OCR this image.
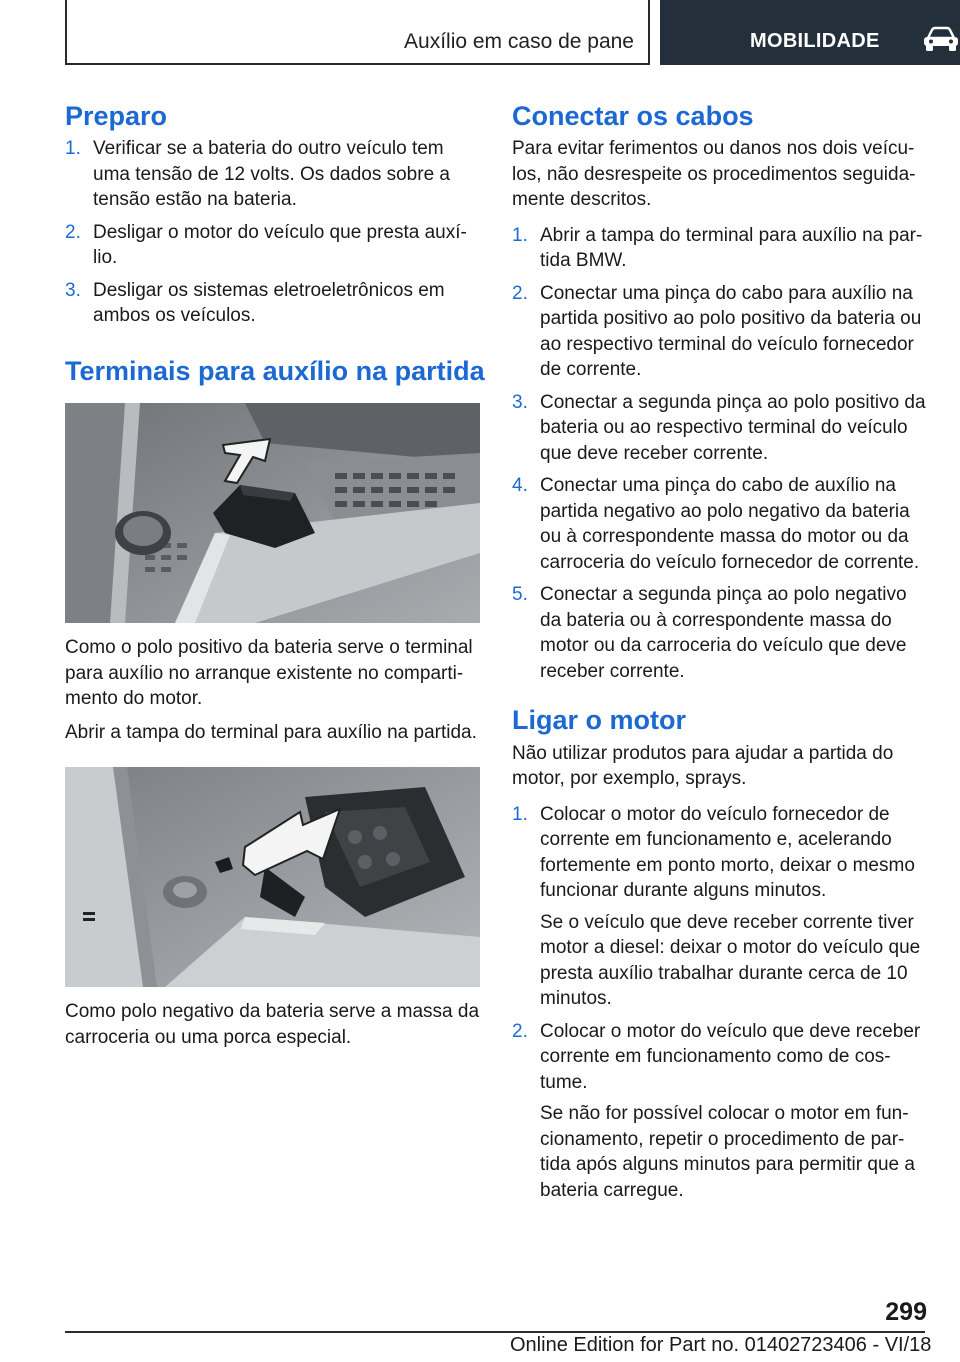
Auxílio em caso de pane	MOBILIDADE
Preparo
1. Verificar se a bateria do outro veículo tem uma tensão de 12 volts. Os dados sobre a tensão estão na bateria.
2. Desligar o motor do veículo que presta auxí‐ lio.
3. Desligar os sistemas eletroeletrônicos em ambos os veículos.
Terminais para auxílio na partida

Como o polo positivo da bateria serve o terminal para auxílio no arranque existente no comparti‐ mento do motor.

Abrir a tampa do terminal para auxílio na partida.

Como polo negativo da bateria serve a massa da carroceria ou uma porca especial.

Conectar os cabos

Para evitar ferimentos ou danos nos dois veícu‐ los, não desrespeite os procedimentos seguida‐ mente descritos.

1. Abrir a tampa do terminal para auxílio na par‐ tida BMW.
2. Conectar uma pinça do cabo para auxílio na partida positivo ao polo positivo da bateria ou ao respectivo terminal do veículo fornecedor de corrente.
3. Conectar a segunda pinça ao polo positivo da bateria ou ao respectivo terminal do veículo que deve receber corrente.
4. Conectar uma pinça do cabo de auxílio na partida negativo ao polo negativo da bateria ou à correspondente massa do motor ou da carroceria do veículo fornecedor de corrente.
5. Conectar a segunda pinça ao polo negativo da bateria ou à correspondente massa do motor ou da carroceria do veículo que deve receber corrente.
Ligar o motor

Não utilizar produtos para ajudar a partida do motor, por exemplo, sprays.

1. Colocar o motor do veículo fornecedor de corrente em funcionamento e, acelerando fortemente em ponto morto, deixar o mesmo funcionar durante alguns minutos.
Se o veículo que deve receber corrente tiver motor a diesel: deixar o motor do veículo que presta auxílio trabalhar durante cerca de 10 minutos.
2. Colocar o motor do veículo que deve receber corrente em funcionamento como de cos‐ tume.
Se não for possível colocar o motor em fun‐ cionamento, repetir o procedimento de par‐ tida após alguns minutos para permitir que a bateria carregue.
299
Online Edition for Part no. 01402723406 - VI/18
